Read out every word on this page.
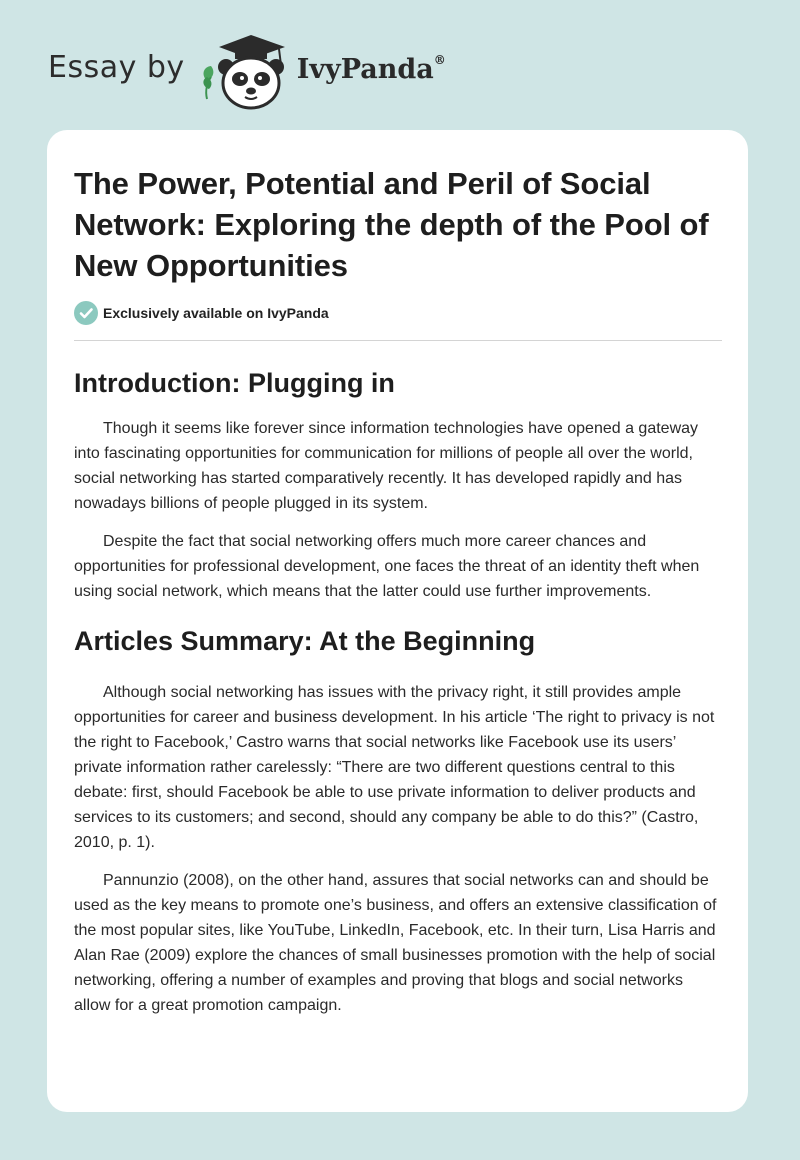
Essay by	IvyPanda®
The Power, Potential and Peril of Social Network: Exploring the depth of the Pool of New Opportunities
Exclusively available on IvyPanda
Introduction: Plugging in

Though it seems like forever since information technologies have opened a gateway into fascinating opportunities for communication for millions of people all over the world, social networking has started comparatively recently. It has developed rapidly and has nowadays billions of people plugged in its system.

Despite the fact that social networking offers much more career chances and opportunities for professional development, one faces the threat of an identity theft when using social network, which means that the latter could use further improvements.

Articles Summary: At the Beginning

Although social networking has issues with the privacy right, it still provides ample opportunities for career and business development. In his article ‘The right to privacy is not the right to Facebook,’ Castro warns that social networks like Facebook use its users’ private information rather carelessly: “There are two different questions central to this debate: first, should Facebook be able to use private information to deliver products and services to its customers; and second, should any company be able to do this?” (Castro, 2010, p. 1).

Pannunzio (2008), on the other hand, assures that social networks can and should be used as the key means to promote one’s business, and offers an extensive classification of the most popular sites, like YouTube, LinkedIn, Facebook, etc. In their turn, Lisa Harris and Alan Rae (2009) explore the chances of small businesses promotion with the help of social networking, offering a number of examples and proving that blogs and social networks allow for a great promotion campaign.
